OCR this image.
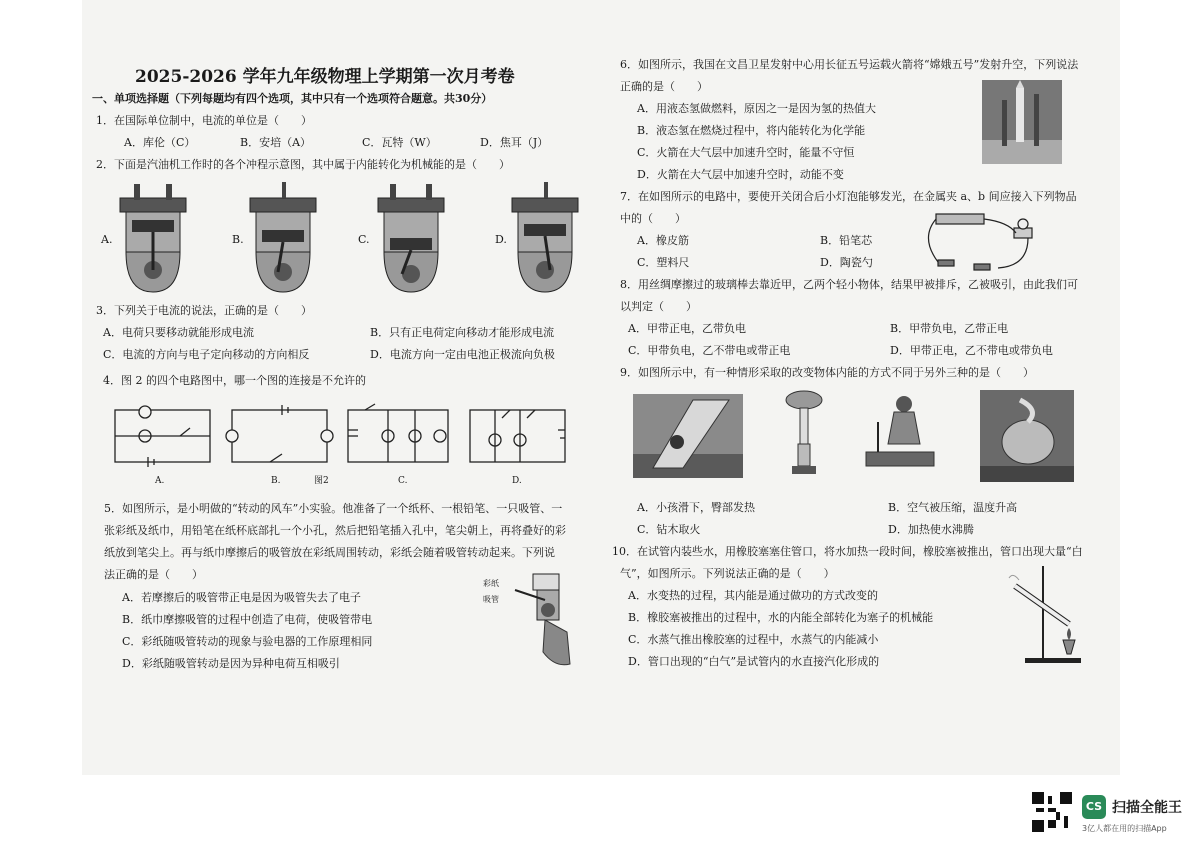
2025-2026 学年九年级物理上学期第一次月考卷
一、单项选择题（下列每题均有四个选项，其中只有一个选项符合题意。共30分）
1．在国际单位制中，电流的单位是（　　）
A．库伦（C）	B．安培（A）	C．瓦特（W）	D．焦耳（J）
2．下面是汽油机工作时的各个冲程示意图，其中属于内能转化为机械能的是（　　）
A.	B.	C.	D.
3．下列关于电流的说法，正确的是（　　）
A．电荷只要移动就能形成电流	B．只有正电荷定向移动才能形成电流
C．电流的方向与电子定向移动的方向相反	D．电流方向一定由电池正极流向负极
4．图 2 的四个电路图中，哪一个图的连接是不允许的
A.	B.	图2	C.	D.
5．如图所示，是小明做的“转动的风车”小实验。他准备了一个纸杯、一根铅笔、一只吸管、一
张彩纸及纸巾，用铅笔在纸杯底部扎一个小孔，然后把铅笔插入孔中，笔尖朝上，再将叠好的彩
纸放到笔尖上。再与纸巾摩擦后的吸管放在彩纸周围转动，彩纸会随着吸管转动起来。下列说
法正确的是（　　）
A．若摩擦后的吸管带正电是因为吸管失去了电子
B．纸巾摩擦吸管的过程中创造了电荷，使吸管带电
C．彩纸随吸管转动的现象与验电器的工作原理相同
D．彩纸随吸管转动是因为异种电荷互相吸引
彩纸
吸管
6．如图所示，我国在文昌卫星发射中心用长征五号运载火箭将“嫦娥五号”发射升空，下列说法
正确的是（　　）
A．用液态氢做燃料，原因之一是因为氢的热值大
B．液态氢在燃烧过程中，将内能转化为化学能
C．火箭在大气层中加速升空时，能量不守恒
D．火箭在大气层中加速升空时，动能不变
7．在如图所示的电路中，要使开关闭合后小灯泡能够发光，在金属夹 a、b 间应接入下列物品
中的（　　）
A．橡皮筋	B．铅笔芯
C．塑料尺	D．陶瓷勺
8．用丝绸摩擦过的玻璃棒去靠近甲，乙两个轻小物体，结果甲被排斥，乙被吸引，由此我们可
以判定（　　）
A．甲带正电，乙带负电	B．甲带负电，乙带正电
C．甲带负电，乙不带电或带正电	D．甲带正电，乙不带电或带负电
9．如图所示中，有一种情形采取的改变物体内能的方式不同于另外三种的是（　　）
A．小孩滑下，臀部发热	B．空气被压缩，温度升高
C．钻木取火	D．加热使水沸腾
10．在试管内装些水，用橡胶塞塞住管口，将水加热一段时间，橡胶塞被推出，管口出现大量“白
气”，如图所示。下列说法正确的是（　　）
A．水变热的过程，其内能是通过做功的方式改变的
B．橡胶塞被推出的过程中，水的内能全部转化为塞子的机械能
C．水蒸气推出橡胶塞的过程中，水蒸气的内能减小
D．管口出现的“白气”是试管内的水直接汽化形成的
CS 扫描全能王
3亿人都在用的扫描App
